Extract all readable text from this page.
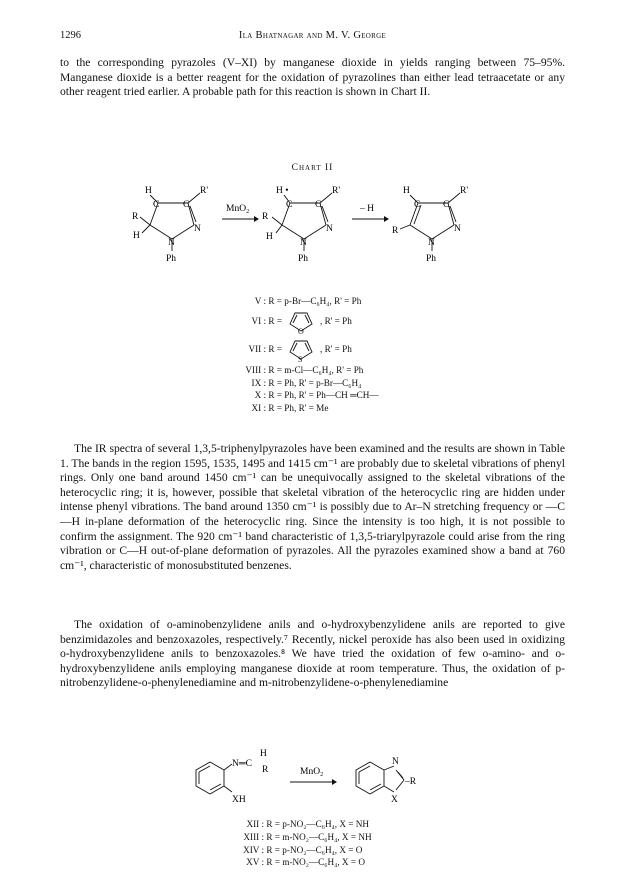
1296	Ila Bhatnagar and M. V. George

to the corresponding pyrazoles (V–XI) by manganese dioxide in yields ranging between 75–95%. Manganese dioxide is a better reagent for the oxidation of pyrazolines than either lead tetraacetate or any other reagent tried earlier. A probable path for this reaction is shown in Chart II.

Chart II
H
C C
R'
R
H
N
N
Ph
MnO₂
H •
C C
R'
R
H
N
N
Ph
– H
H
C C
R'
R	N
N
Ph
V : R =
p-Br—C₆H₄, R' = Ph
VI : R =
O
, R' = Ph
VII : R =
S
, R' = Ph
VIII : R =
m-Cl—C₆H₄, R' = Ph
IX : R =
Ph, R' = p-Br—C₆H₄
X : R =
Ph, R' = Ph—CH ═CH—
XI : R =
Ph, R' = Me

The IR spectra of several 1,3,5-triphenylpyrazoles have been examined and the results are shown in Table 1. The bands in the region 1595, 1535, 1495 and 1415 cm⁻¹ are probably due to skeletal vibrations of phenyl rings. Only one band around 1450 cm⁻¹ can be unequivocally assigned to the skeletal vibrations of the heterocyclic ring; it is, however, possible that skeletal vibration of the heterocyclic ring are hidden under intense phenyl vibrations. The band around 1350 cm⁻¹ is possibly due to Ar–N stretching frequency or —C—H in-plane deformation of the heterocyclic ring. Since the intensity is too high, it is not possible to confirm the assignment. The 920 cm⁻¹ band characteristic of 1,3,5-triarylpyrazole could arise from the ring vibration or C—H out-of-plane deformation of pyrazoles. All the pyrazoles examined show a band at 760 cm⁻¹, characteristic of monosubstituted benzenes.

The oxidation of o-aminobenzylidene anils and o-hydroxybenzylidene anils are reported to give benzimidazoles and benzoxazoles, respectively.⁷ Recently, nickel peroxide has also been used in oxidizing o-hydroxybenzylidene anils to benzoxazoles.⁸ We have tried the oxidation of few o-amino- and o-hydroxybenzylidene anils employing manganese dioxide at room temperature. Thus, the oxidation of p-nitrobenzylidene-o-phenylenediamine and m-nitrobenzylidene-o-phenylenediamine

N═C
H
R
XH
MnO₂
N
X
–R
XII : R =
p-NO₂—C₆H₄, X = NH
XIII : R =
m-NO₂—C₆H₄, X = NH
XIV : R =
p-NO₂—C₆H₄, X = O
XV : R =
m-NO₂—C₆H₄, X = O
